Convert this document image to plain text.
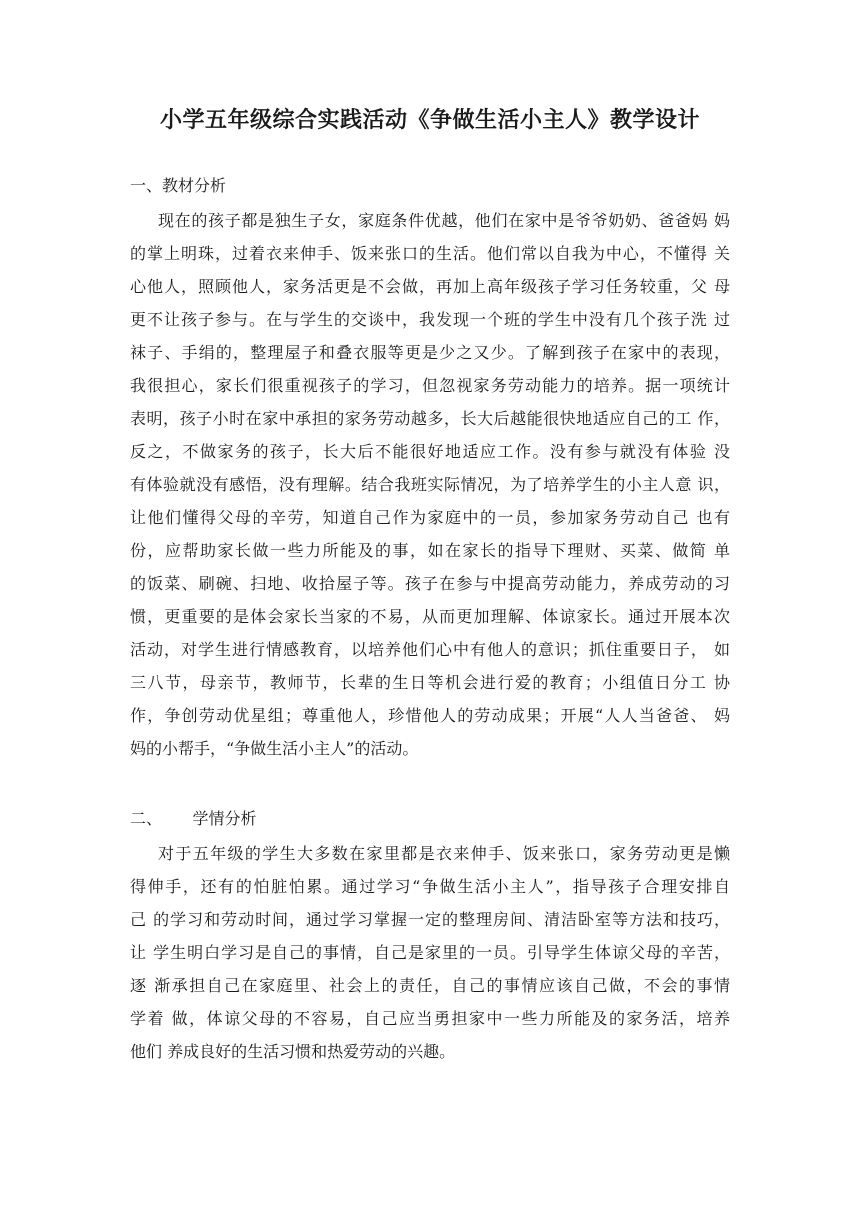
小学五年级综合实践活动《争做生活小主人》教学设计
一、教材分析
现在的孩子都是独生子女，家庭条件优越，他们在家中是爷爷奶奶、爸爸妈 妈
的掌上明珠，过着衣来伸手、饭来张口的生活。他们常以自我为中心，不懂得 关
心他人，照顾他人，家务活更是不会做，再加上高年级孩子学习任务较重，父 母
更不让孩子参与。在与学生的交谈中，我发现一个班的学生中没有几个孩子洗 过
袜子、手绢的，整理屋子和叠衣服等更是少之又少。了解到孩子在家中的表现，
我很担心，家长们很重视孩子的学习，但忽视家务劳动能力的培养。据一项统计
表明，孩子小时在家中承担的家务劳动越多，长大后越能很快地适应自己的工 作，
反之，不做家务的孩子，长大后不能很好地适应工作。没有参与就没有体验 没
有体验就没有感悟，没有理解。结合我班实际情况，为了培养学生的小主人意 识，
让他们懂得父母的辛劳，知道自己作为家庭中的一员，参加家务劳动自己 也有
份，应帮助家长做一些力所能及的事，如在家长的指导下理财、买菜、做简 单
的饭菜、刷碗、扫地、收拾屋子等。孩子在参与中提高劳动能力，养成劳动的习
惯，更重要的是体会家长当家的不易，从而更加理解、体谅家长。通过开展本次
活动，对学生进行情感教育，以培养他们心中有他人的意识；抓住重要日子， 如
三八节，母亲节，教师节，长辈的生日等机会进行爱的教育；小组值日分工 协
作，争创劳动优星组；尊重他人，珍惜他人的劳动成果；开展“人人当爸爸、 妈
妈的小帮手，“争做生活小主人”的活动。
二、      学情分析
对于五年级的学生大多数在家里都是衣来伸手、饭来张口，家务劳动更是懒
得伸手，还有的怕脏怕累。通过学习“争做生活小主人”，指导孩子合理安排自
己 的学习和劳动时间，通过学习掌握一定的整理房间、清洁卧室等方法和技巧，
让 学生明白学习是自己的事情，自己是家里的一员。引导学生体谅父母的辛苦，
逐 渐承担自己在家庭里、社会上的责任，自己的事情应该自己做，不会的事情
学着 做，体谅父母的不容易，自己应当勇担家中一些力所能及的家务活，培养
他们 养成良好的生活习惯和热爱劳动的兴趣。
